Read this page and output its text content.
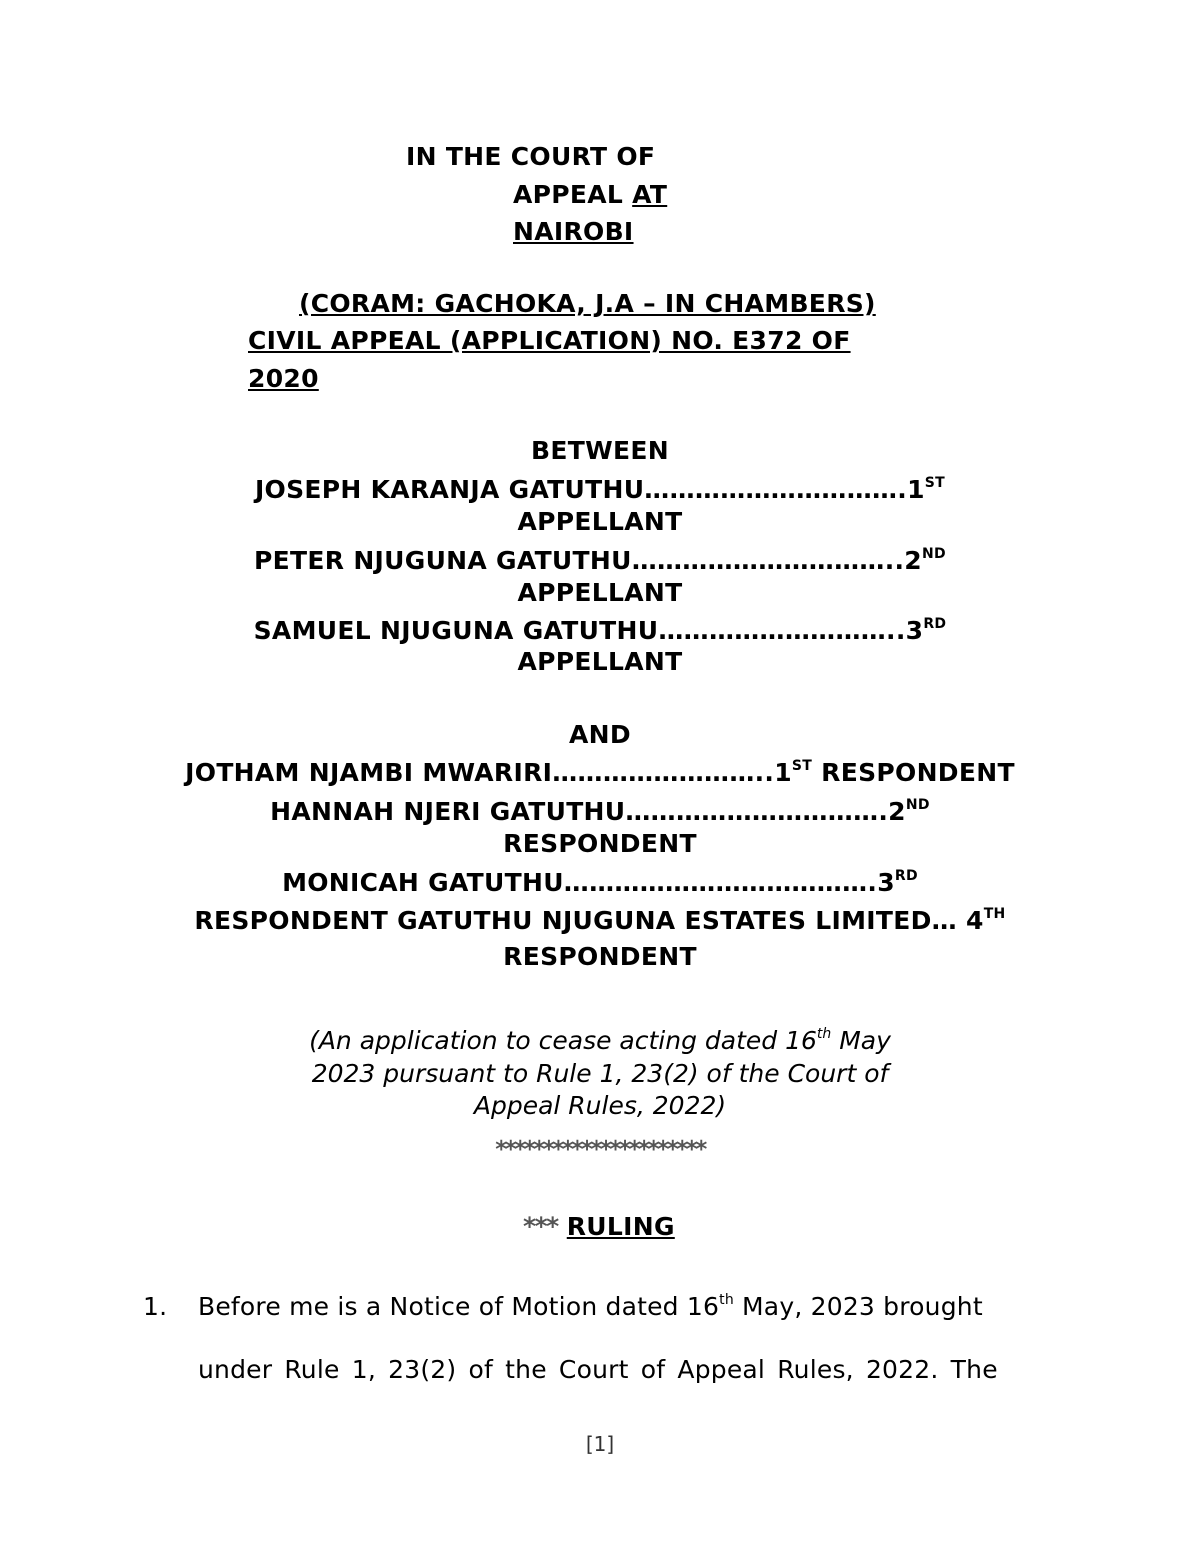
IN THE COURT OF
APPEAL AT
NAIROBI
(CORAM: GACHOKA, J.A – IN CHAMBERS)
CIVIL APPEAL (APPLICATION) NO. E372 OF
2020
BETWEEN
JOSEPH KARANJA GATUTHU………………………….1ST
APPELLANT
PETER NJUGUNA GATUTHU…………………………..2ND
APPELLANT
SAMUEL NJUGUNA GATUTHU………………………..3RD
APPELLANT
AND
JOTHAM NJAMBI MWARIRI……………………..1ST RESPONDENT
HANNAH NJERI GATUTHU………………………….2ND
RESPONDENT
MONICAH GATUTHU……………………………….3RD
RESPONDENT GATUTHU NJUGUNA ESTATES LIMITED… 4TH
RESPONDENT
(An application to cease acting dated 16th May
2023 pursuant to Rule 1, 23(2) of the Court of
Appeal Rules, 2022)
**********************
*** RULING
1. Before me is a Notice of Motion dated 16th May, 2023 brought
under Rule 1, 23(2) of the Court of Appeal Rules, 2022. The
[1]
